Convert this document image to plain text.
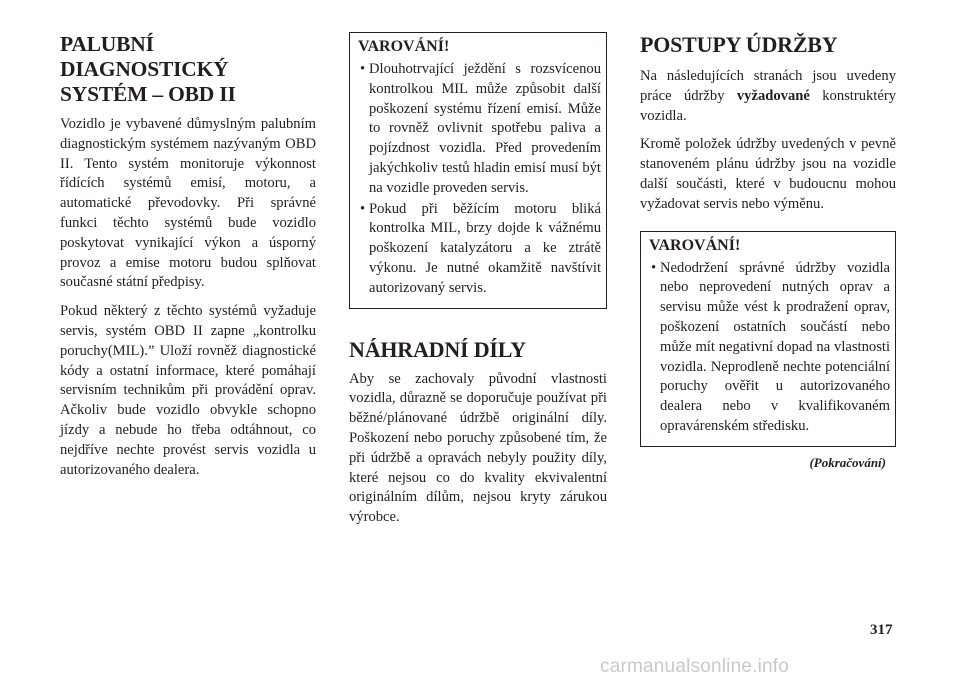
PALUBNÍ
DIAGNOSTICKÝ
SYSTÉM – OBD II

Vozidlo je vybavené důmyslným palubním diagnostickým systémem nazývaným OBD II. Tento systém monitoruje výkonnost řídících systémů emisí, motoru, a automatické převodovky. Při správné funkci těchto systémů bude vozidlo poskytovat vynikající výkon a úsporný provoz a emise motoru budou splňovat současné státní předpisy.

Pokud některý z těchto systémů vyžaduje servis, systém OBD II zapne „kontrolku poruchy(MIL).” Uloží rovněž diagnostické kódy a ostatní informace, které pomáhají servisním technikům při provádění oprav. Ačkoliv bude vozidlo obvykle schopno jízdy a nebude ho třeba odtáhnout, co nejdříve nechte provést servis vozidla u autorizovaného dealera.

VAROVÁNÍ!
• Dlouhotrvající ježdění s rozsvícenou kontrolkou MIL může způsobit další poškození systému řízení emisí. Může to rovněž ovlivnit spotřebu paliva a pojízdnost vozidla. Před provedením jakýchkoliv testů hladin emisí musí být na vozidle proveden servis.
• Pokud při běžícím motoru bliká kontrolka MIL, brzy dojde k vážnému poškození katalyzátoru a ke ztrátě výkonu. Je nutné okamžitě navštívit autorizovaný servis.
NÁHRADNÍ DÍLY

Aby se zachovaly původní vlastnosti vozidla, důrazně se doporučuje používat při běžné/plánované údržbě originální díly. Poškození nebo poruchy způsobené tím, že při údržbě a opravách nebyly použity díly, které nejsou co do kvality ekvivalentní originálním dílům, nejsou kryty zárukou výrobce.

POSTUPY ÚDRŽBY

Na následujících stranách jsou uvedeny práce údržby vyžadované konstruktéry vozidla.

Kromě položek údržby uvedených v pevně stanoveném plánu údržby jsou na vozidle další součásti, které v budoucnu mohou vyžadovat servis nebo výměnu.

VAROVÁNÍ!
• Nedodržení správné údržby vozidla nebo neprovedení nutných oprav a servisu může vést k prodražení oprav, poškození ostatních součástí nebo může mít negativní dopad na vlastnosti vozidla. Neprodleně nechte potenciální poruchy ověřit u autorizovaného dealera nebo v kvalifikovaném opravárenském středisku.
(Pokračování)
317
carmanualsonline.info
